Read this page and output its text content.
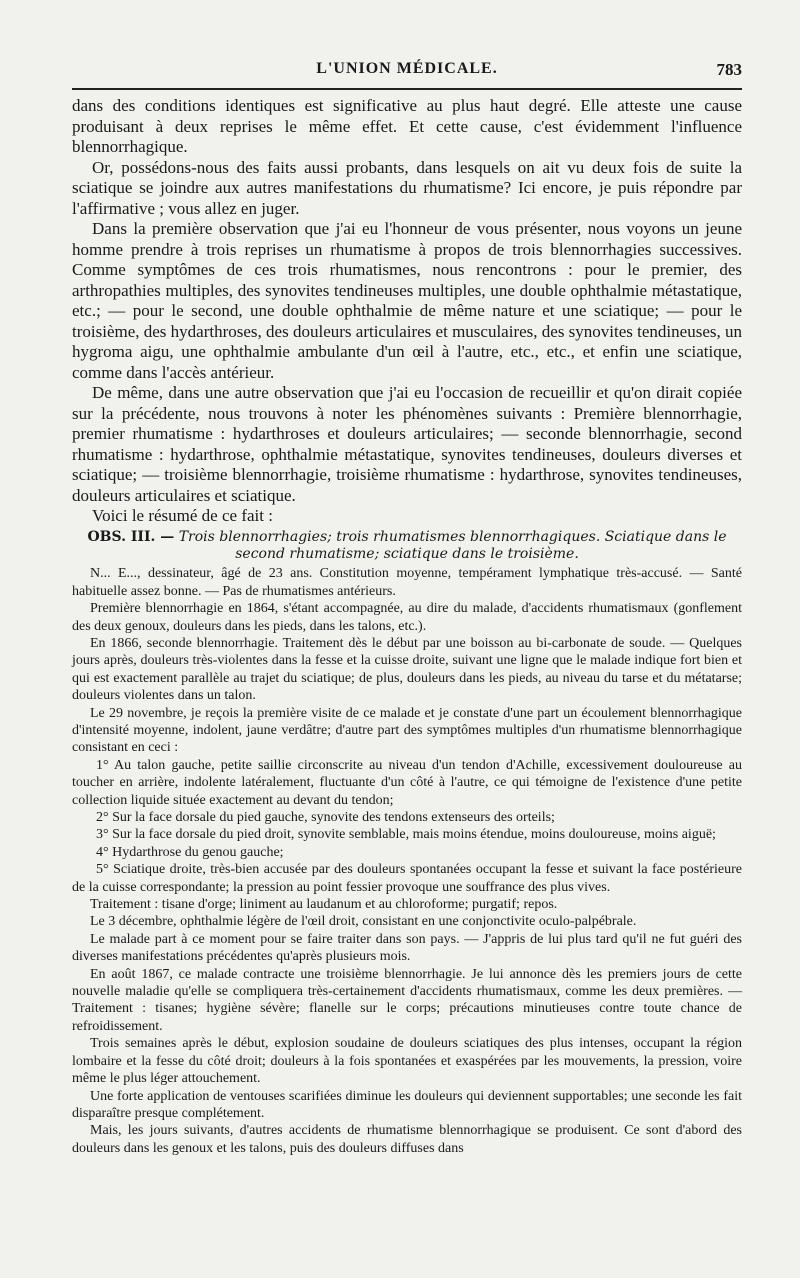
L'UNION MÉDICALE.	783

dans des conditions identiques est significative au plus haut degré. Elle atteste une cause produisant à deux reprises le même effet. Et cette cause, c'est évidemment l'influence blennorrhagique.

Or, possédons-nous des faits aussi probants, dans lesquels on ait vu deux fois de suite la sciatique se joindre aux autres manifestations du rhumatisme? Ici encore, je puis répondre par l'affirmative ; vous allez en juger.

Dans la première observation que j'ai eu l'honneur de vous présenter, nous voyons un jeune homme prendre à trois reprises un rhumatisme à propos de trois blennorrhagies successives. Comme symptômes de ces trois rhumatismes, nous rencontrons : pour le premier, des arthropathies multiples, des synovites tendineuses multiples, une double ophthalmie métastatique, etc.; — pour le second, une double ophthalmie de même nature et une sciatique; — pour le troisième, des hydarthroses, des douleurs articulaires et musculaires, des synovites tendineuses, un hygroma aigu, une ophthalmie ambulante d'un œil à l'autre, etc., etc., et enfin une sciatique, comme dans l'accès antérieur.

De même, dans une autre observation que j'ai eu l'occasion de recueillir et qu'on dirait copiée sur la précédente, nous trouvons à noter les phénomènes suivants : Première blennorrhagie, premier rhumatisme : hydarthroses et douleurs articulaires; — seconde blennorrhagie, second rhumatisme : hydarthrose, ophthalmie métastatique, synovites tendineuses, douleurs diverses et sciatique; — troisième blennorrhagie, troisième rhumatisme : hydarthrose, synovites tendineuses, douleurs articulaires et sciatique.

Voici le résumé de ce fait :

OBS. III. — Trois blennorrhagies; trois rhumatismes blennorrhagiques. Sciatique dans le second rhumatisme; sciatique dans le troisième.

N... E..., dessinateur, âgé de 23 ans. Constitution moyenne, tempérament lymphatique très-accusé. — Santé habituelle assez bonne. — Pas de rhumatismes antérieurs.

Première blennorrhagie en 1864, s'étant accompagnée, au dire du malade, d'accidents rhumatismaux (gonflement des deux genoux, douleurs dans les pieds, dans les talons, etc.).

En 1866, seconde blennorrhagie. Traitement dès le début par une boisson au bi-carbonate de soude. — Quelques jours après, douleurs très-violentes dans la fesse et la cuisse droite, suivant une ligne que le malade indique fort bien et qui est exactement parallèle au trajet du sciatique; de plus, douleurs dans les pieds, au niveau du tarse et du métatarse; douleurs violentes dans un talon.

Le 29 novembre, je reçois la première visite de ce malade et je constate d'une part un écoulement blennorrhagique d'intensité moyenne, indolent, jaune verdâtre; d'autre part des symptômes multiples d'un rhumatisme blennorrhagique consistant en ceci :

1° Au talon gauche, petite saillie circonscrite au niveau d'un tendon d'Achille, excessivement douloureuse au toucher en arrière, indolente latéralement, fluctuante d'un côté à l'autre, ce qui témoigne de l'existence d'une petite collection liquide située exactement au devant du tendon;

2° Sur la face dorsale du pied gauche, synovite des tendons extenseurs des orteils;

3° Sur la face dorsale du pied droit, synovite semblable, mais moins étendue, moins douloureuse, moins aiguë;

4° Hydarthrose du genou gauche;

5° Sciatique droite, très-bien accusée par des douleurs spontanées occupant la fesse et suivant la face postérieure de la cuisse correspondante; la pression au point fessier provoque une souffrance des plus vives.

Traitement : tisane d'orge; liniment au laudanum et au chloroforme; purgatif; repos.

Le 3 décembre, ophthalmie légère de l'œil droit, consistant en une conjonctivite oculo-palpébrale.

Le malade part à ce moment pour se faire traiter dans son pays. — J'appris de lui plus tard qu'il ne fut guéri des diverses manifestations précédentes qu'après plusieurs mois.

En août 1867, ce malade contracte une troisième blennorrhagie. Je lui annonce dès les premiers jours de cette nouvelle maladie qu'elle se compliquera très-certainement d'accidents rhumatismaux, comme les deux premières. — Traitement : tisanes; hygiène sévère; flanelle sur le corps; précautions minutieuses contre toute chance de refroidissement.

Trois semaines après le début, explosion soudaine de douleurs sciatiques des plus intenses, occupant la région lombaire et la fesse du côté droit; douleurs à la fois spontanées et exaspérées par les mouvements, la pression, voire même le plus léger attouchement.

Une forte application de ventouses scarifiées diminue les douleurs qui deviennent supportables; une seconde les fait disparaître presque complétement.

Mais, les jours suivants, d'autres accidents de rhumatisme blennorrhagique se produisent. Ce sont d'abord des douleurs dans les genoux et les talons, puis des douleurs diffuses dans
